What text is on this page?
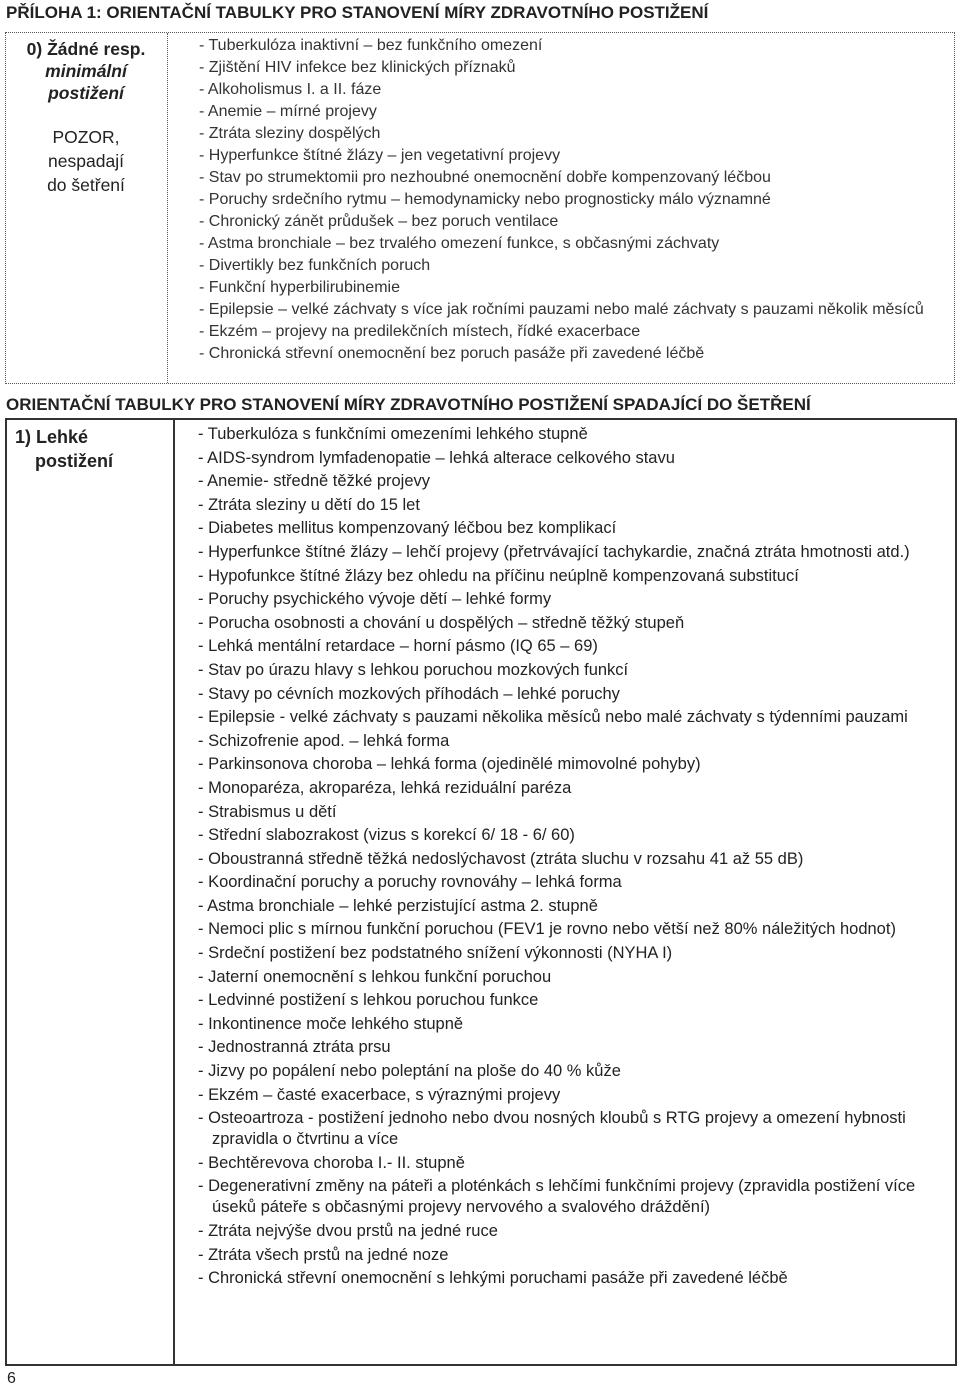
PŘÍLOHA 1: ORIENTAČNÍ TABULKY PRO STANOVENÍ MÍRY ZDRAVOTNÍHO POSTIŽENÍ
0) Žádné resp.
minimální
postižení
POZOR,
nespadají
do šetření
- Tuberkulóza inaktivní – bez funkčního omezení
- Zjištění HIV infekce bez klinických příznaků
- Alkoholismus I. a II. fáze
- Anemie – mírné projevy
- Ztráta sleziny dospělých
- Hyperfunkce štítné žlázy – jen vegetativní projevy
- Stav po strumektomii pro nezhoubné onemocnění dobře kompenzovaný léčbou
- Poruchy srdečního rytmu – hemodynamicky nebo prognosticky málo významné
- Chronický zánět průdušek – bez poruch ventilace
- Astma bronchiale – bez trvalého omezení funkce, s občasnými záchvaty
- Divertikly bez funkčních poruch
- Funkční hyperbilirubinemie
- Epilepsie – velké záchvaty s více jak ročními pauzami nebo malé záchvaty s pauzami několik měsíců
- Ekzém – projevy na predilekčních místech, řídké exacerbace
- Chronická střevní onemocnění bez poruch pasáže při zavedené léčbě
ORIENTAČNÍ TABULKY PRO STANOVENÍ MÍRY ZDRAVOTNÍHO POSTIŽENÍ SPADAJÍCÍ DO ŠETŘENÍ
1) Lehké
postižení
- Tuberkulóza s funkčními omezeními lehkého stupně
- AIDS-syndrom lymfadenopatie – lehká alterace celkového stavu
- Anemie- středně těžké projevy
- Ztráta sleziny u dětí do 15 let
- Diabetes mellitus kompenzovaný léčbou bez komplikací
- Hyperfunkce štítné žlázy – lehčí projevy (přetrvávající tachykardie, značná ztráta hmotnosti atd.)
- Hypofunkce štítné žlázy bez ohledu na příčinu neúplně kompenzovaná substitucí
- Poruchy psychického vývoje dětí – lehké formy
- Porucha osobnosti a chování u dospělých – středně těžký stupeň
- Lehká mentální retardace – horní pásmo (IQ 65 – 69)
- Stav po úrazu hlavy s lehkou poruchou mozkových funkcí
- Stavy po cévních mozkových příhodách – lehké poruchy
- Epilepsie - velké záchvaty s pauzami několika měsíců nebo malé záchvaty s týdenními pauzami
- Schizofrenie apod. – lehká forma
- Parkinsonova choroba – lehká forma (ojedinělé mimovolné pohyby)
- Monoparéza, akroparéza, lehká reziduální paréza
- Strabismus u dětí
- Střední slabozrakost (vizus s korekcí 6/ 18 - 6/ 60)
- Oboustranná středně těžká nedoslýchavost (ztráta sluchu v rozsahu 41 až 55 dB)
- Koordinační poruchy a poruchy rovnováhy – lehká forma
- Astma bronchiale – lehké perzistující astma 2. stupně
- Nemoci plic s mírnou funkční poruchou (FEV1 je rovno nebo větší než 80% náležitých hodnot)
- Srdeční postižení bez podstatného snížení výkonnosti (NYHA I)
- Jaterní onemocnění s lehkou funkční poruchou
- Ledvinné postižení s lehkou poruchou funkce
- Inkontinence moče lehkého stupně
- Jednostranná ztráta prsu
- Jizvy po popálení nebo poleptání na ploše do 40 % kůže
- Ekzém – časté exacerbace, s výraznými projevy
- Osteoartroza - postižení jednoho nebo dvou nosných kloubů s RTG projevy a omezení hybnosti zpravidla o čtvrtinu a více
- Bechtěrevova choroba I.- II. stupně
- Degenerativní změny na páteři a ploténkách s lehčími funkčními projevy (zpravidla postižení více úseků páteře s občasnými projevy nervového a svalového dráždění)
- Ztráta nejvýše dvou prstů na jedné ruce
- Ztráta všech prstů na jedné noze
- Chronická střevní onemocnění s lehkými poruchami pasáže při zavedené léčbě
6
